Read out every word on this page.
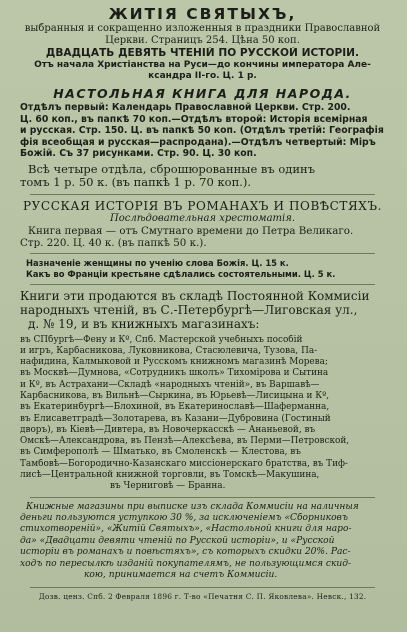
ЖИТІЯ СВЯТЫХЪ,
выбранныя и сокращенно изложенныя в праздники Православной
Церкви. Страницъ 254. Цѣна 50 коп.
ДВАДЦАТЬ ДЕВЯТЬ ЧТЕНІЙ ПО РУССКОЙ ИСТОРІИ.
Отъ начала Христіанства на Руси—до кончины императора Але-
ксандра II-го. Ц. 1 р.
НАСТОЛЬНАЯ КНИГА ДЛЯ НАРОДА.
Отдѣлъ первый: Календарь Православной Церкви. Стр. 200.
Ц. 60 коп., въ папкѣ 70 коп.—Отдѣлъ второй: Исторія всемірная
и русская. Стр. 150. Ц. въ папкѣ 50 коп. (Отдѣлъ третій: Географія
фія всеобщая и русская—распродана).—Отдѣлъ четвертый: Міръ
Божій. Съ 37 рисунками. Стр. 90. Ц. 30 коп.
Всѣ четыре отдѣла, сброшюрованные въ одинъ
томъ 1 р. 50 к. (въ папкѣ 1 р. 70 коп.).
РУССКАЯ ИСТОРІЯ ВЪ РОМАНАХЪ И ПОВѢСТЯХЪ.
Послѣдовательная хрестоматія.
Книга первая — отъ Смутнаго времени до Петра Великаго.
Стр. 220. Ц. 40 к. (въ папкѣ 50 к.).
Назначеніе женщины по ученію слова Божія. Ц. 15 к.
Какъ во Франціи крестьяне сдѣлались состоятельными. Ц. 5 к.
Книги эти продаются въ складѣ Постоянной Коммисіи
народныхъ чтеній, въ С.-Петербургѣ—Лиговская ул.,
д. № 19, и въ книжныхъ магазинахъ:
въ СПбургѣ—Фену и Кº, Спб. Мастерской учебныхъ пособій
и игръ, Карбасникова, Луковникова, Стасюлевича, Тузова, Па-
нафидина, Калмыковой и Русскомъ книжномъ магазинѣ Морева;
въ Москвѣ—Думнова, «Сотрудникъ школъ» Тихомірова и Сытина
и Кº, въ Астрахани—Складѣ «народныхъ чтеній», въ Варшавѣ—
Карбасникова, въ Вильнѣ—Сыркина, въ Юрьевѣ—Лисицына и Кº,
въ Екатеринбургѣ—Блохиной, въ Екатеринославѣ—Шаферманна,
въ Елисаветградѣ—Золотарева, въ Казани—Дубровина (Гостиный
дворъ), въ Кіевѣ—Дивтера, въ Новочеркасскѣ — Ананьевой, въ
Омскѣ—Александрова, въ Пензѣ—Алексѣева, въ Перми—Петровской,
въ Симферополѣ — Шматько, въ Смоленскѣ — Клестова, въ
Тамбовѣ—Богородично-Казанскаго миссіонерскаго братства, въ Тиф-
лисѣ—Центральной книжной торговли, въ Томскѣ—Макушина,
въ Черниговѣ — Бранна.
Книжные магазины при выписке изъ склада Коммисіи на наличныя
деньги пользуются уступкою 30 %, за исключеніемъ «Сборниковъ
стихотвореній», «Житій Святыхъ», «Настольной книги для наро-
да» «Двадцати девяти чтеній по Русской исторіи», и «Русской
исторіи въ романахъ и повѣстяхъ», съ которыхъ скидки 20%. Рас-
ходъ по пересылкѣ изданій покупателямъ, не пользующимся скид-
кою, принимается на счетъ Коммисіи.
Дозв. ценз. Спб. 2 Февраля 1896 г. Т-во «Печатня С. П. Яковлева». Невск., 132.
